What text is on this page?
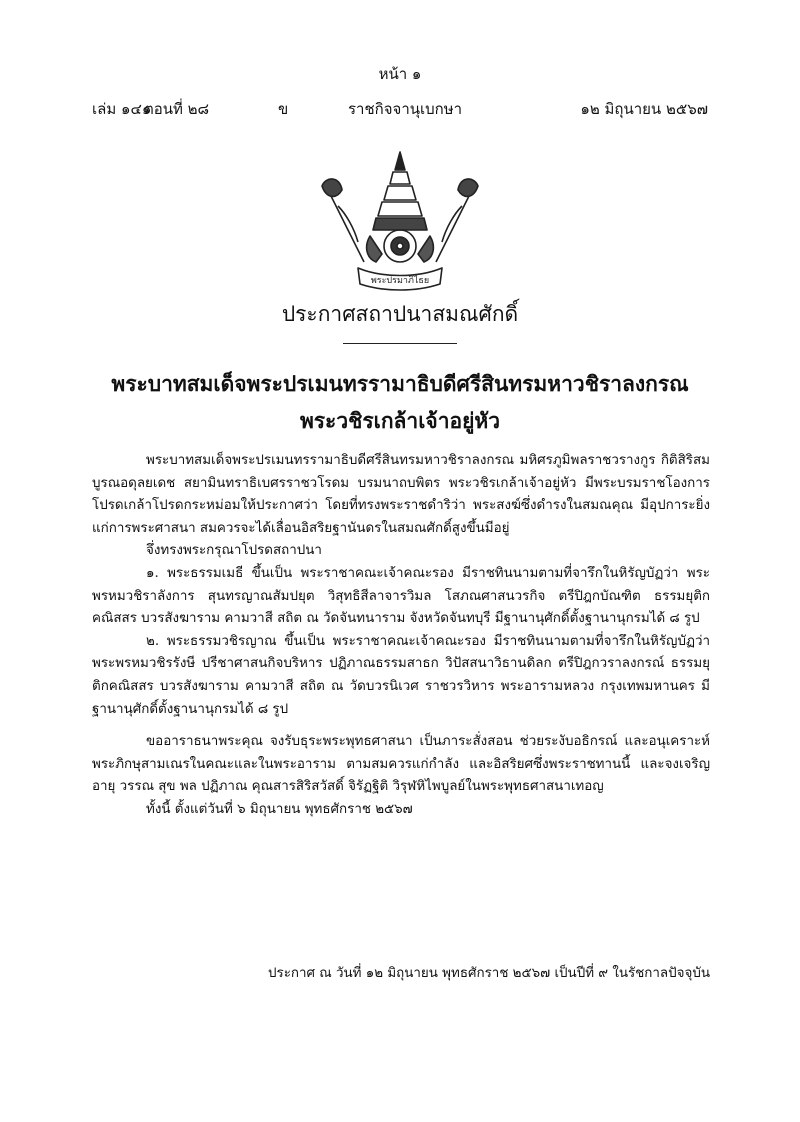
หน้า ๑
เล่ม ๑๔๑
ตอนที่ ๒๘	ข	ราชกิจจานุเบกษา	๑๒ มิถุนายน ๒๕๖๗
พระปรมาภิไธย
ประกาศสถาปนาสมณศักดิ์
พระบาทสมเด็จพระปรเมนทรรามาธิบดีศรีสินทรมหาวชิราลงกรณ
พระวชิรเกล้าเจ้าอยู่หัว

พระบาทสมเด็จพระปรเมนทรรามาธิบดีศรีสินทรมหาวชิราลงกรณ มหิศรภูมิพลราชวรางกูร กิติสิริสมบูรณอดุลยเดช สยามินทราธิเบศรราชวโรดม บรมนาถบพิตร พระวชิรเกล้าเจ้าอยู่หัว มีพระบรมราชโองการโปรดเกล้าโปรดกระหม่อมให้ประกาศว่า โดยที่ทรงพระราชดำริว่า พระสงฆ์ซึ่งดำรงในสมณคุณ มีอุปการะยิ่งแก่การพระศาสนา สมควรจะได้เลื่อนอิสริยฐานันดรในสมณศักดิ์สูงขึ้นมีอยู่

จึ่งทรงพระกรุณาโปรดสถาปนา

๑. พระธรรมเมธี ขึ้นเป็น พระราชาคณะเจ้าคณะรอง มีราชทินนามตามที่จารึกในหิรัญบัฏว่า พระพรหมวชิราลังการ สุนทรญาณสัมปยุต วิสุทธิสีลาจารวิมล โสภณศาสนวรกิจ ตรีปิฎกบัณฑิต ธรรมยุติกคณิสสร บวรสังฆาราม คามวาสี สถิต ณ วัดจันทนาราม จังหวัดจันทบุรี มีฐานานุศักดิ์ตั้งฐานานุกรมได้ ๘ รูป

๒. พระธรรมวชิรญาณ ขึ้นเป็น พระราชาคณะเจ้าคณะรอง มีราชทินนามตามที่จารึกในหิรัญบัฏว่า พระพรหมวชิรรังษี ปรีชาศาสนกิจบริหาร ปฏิภาณธรรมสาธก วิปัสสนาวิธานดิลก ตรีปิฎกวราลงกรณ์ ธรรมยุติกคณิสสร บวรสังฆาราม คามวาสี สถิต ณ วัดบวรนิเวศ ราชวรวิหาร พระอารามหลวง กรุงเทพมหานคร มีฐานานุศักดิ์ตั้งฐานานุกรมได้ ๘ รูป

ขออาราธนาพระคุณ จงรับธุระพระพุทธศาสนา เป็นภาระสั่งสอน ช่วยระงับอธิกรณ์ และอนุเคราะห์พระภิกษุสามเณรในคณะและในพระอาราม ตามสมควรแก่กำลัง และอิสริยศซึ่งพระราชทานนี้ และจงเจริญอายุ วรรณ สุข พล ปฏิภาณ คุณสารสิริสวัสดิ์ จิรัฏฐิติ วิรุฬหิไพบูลย์ในพระพุทธศาสนาเทอญ

ทั้งนี้ ตั้งแต่วันที่ ๖ มิถุนายน พุทธศักราช ๒๕๖๗

ประกาศ ณ วันที่ ๑๒ มิถุนายน พุทธศักราช ๒๕๖๗ เป็นปีที่ ๙ ในรัชกาลปัจจุบัน
